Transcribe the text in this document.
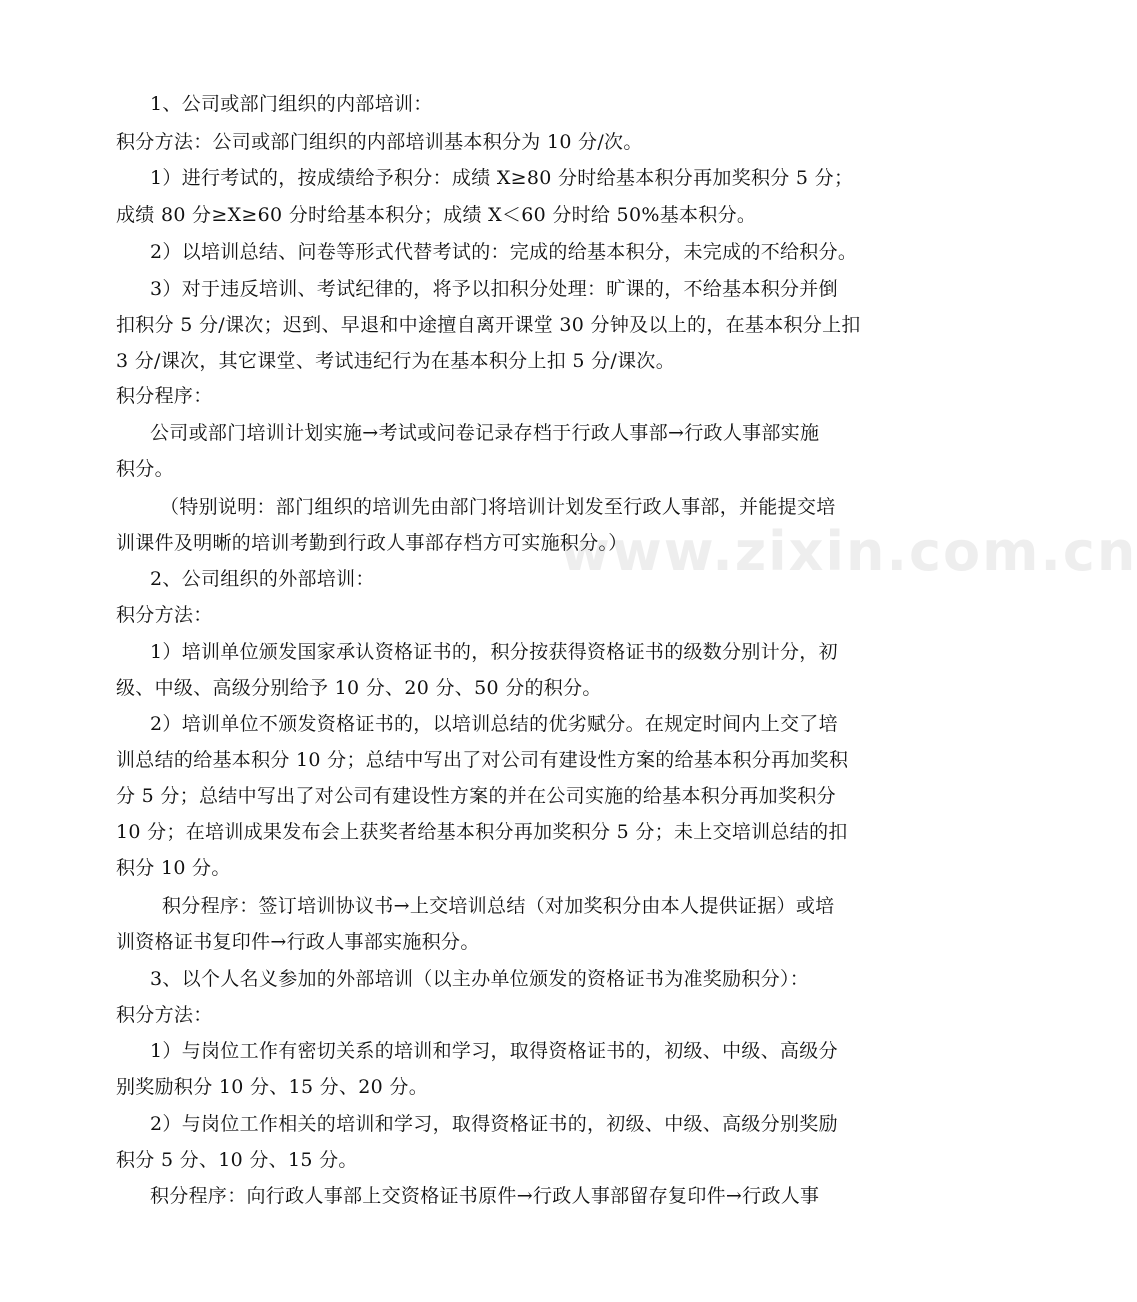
www.zixin.com.cn

1、公司或部门组织的内部培训：

积分方法：公司或部门组织的内部培训基本积分为 10 分/次。

1）进行考试的，按成绩给予积分：成绩 X≥80 分时给基本积分再加奖积分 5 分；

成绩 80 分≥X≥60 分时给基本积分；成绩 X＜60 分时给 50%基本积分。

2）以培训总结、问卷等形式代替考试的：完成的给基本积分，未完成的不给积分。

3）对于违反培训、考试纪律的，将予以扣积分处理：旷课的，不给基本积分并倒

扣积分 5 分/课次；迟到、早退和中途擅自离开课堂 30 分钟及以上的，在基本积分上扣

3 分/课次，其它课堂、考试违纪行为在基本积分上扣 5 分/课次。

积分程序：

公司或部门培训计划实施→考试或问卷记录存档于行政人事部→行政人事部实施

积分。

（特别说明：部门组织的培训先由部门将培训计划发至行政人事部，并能提交培

训课件及明晰的培训考勤到行政人事部存档方可实施积分。）

2、公司组织的外部培训：

积分方法：

1）培训单位颁发国家承认资格证书的，积分按获得资格证书的级数分别计分，初

级、中级、高级分别给予 10 分、20 分、50 分的积分。

2）培训单位不颁发资格证书的，以培训总结的优劣赋分。在规定时间内上交了培

训总结的给基本积分 10 分；总结中写出了对公司有建设性方案的给基本积分再加奖积

分 5 分；总结中写出了对公司有建设性方案的并在公司实施的给基本积分再加奖积分

10 分；在培训成果发布会上获奖者给基本积分再加奖积分 5 分；未上交培训总结的扣

积分 10 分。

积分程序：签订培训协议书→上交培训总结（对加奖积分由本人提供证据）或培

训资格证书复印件→行政人事部实施积分。

3、以个人名义参加的外部培训（以主办单位颁发的资格证书为准奖励积分）：

积分方法：

1）与岗位工作有密切关系的培训和学习，取得资格证书的，初级、中级、高级分

别奖励积分 10 分、15 分、20 分。

2）与岗位工作相关的培训和学习，取得资格证书的，初级、中级、高级分别奖励

积分 5 分、10 分、15 分。

积分程序：向行政人事部上交资格证书原件→行政人事部留存复印件→行政人事
